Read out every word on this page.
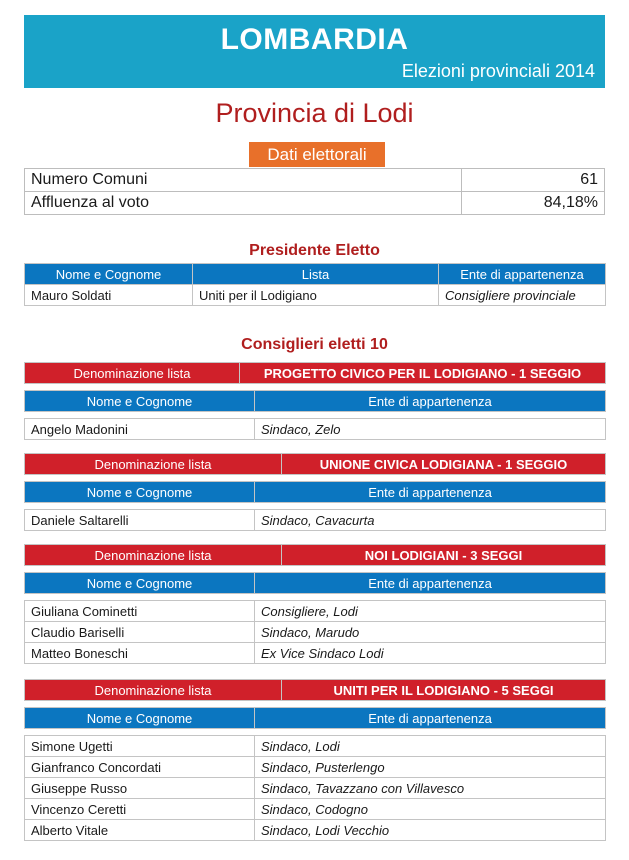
LOMBARDIA
Elezioni provinciali 2014
Provincia di Lodi
Dati elettorali
Numero Comuni	61
Affluenza al voto	84,18%
Presidente Eletto
Nome e Cognome	Lista	Ente di appartenenza
Mauro Soldati	Uniti per il Lodigiano	Consigliere provinciale
Consiglieri eletti 10
Denominazione lista	PROGETTO CIVICO PER IL LODIGIANO - 1 SEGGIO	

Nome e Cognome		Ente di appartenenza

Angelo Madonini		Sindaco, Zelo
Denominazione lista		UNIONE CIVICA LODIGIANA - 1 SEGGIO

Nome e Cognome	Ente di appartenenza	

Daniele Saltarelli	Sindaco, Cavacurta	
Denominazione lista		NOI LODIGIANI - 3 SEGGI

Nome e Cognome	Ente di appartenenza	

Giuliana Cominetti	Consigliere, Lodi	
Claudio Bariselli	Sindaco, Marudo	
Matteo Boneschi	Ex Vice Sindaco Lodi	
Denominazione lista		UNITI PER IL LODIGIANO - 5 SEGGI

Nome e Cognome	Ente di appartenenza	

Simone Ugetti	Sindaco, Lodi	
Gianfranco Concordati	Sindaco, Pusterlengo	
Giuseppe Russo	Sindaco, Tavazzano con Villavesco	
Vincenzo Ceretti	Sindaco, Codogno	
Alberto Vitale	Sindaco, Lodi Vecchio	
